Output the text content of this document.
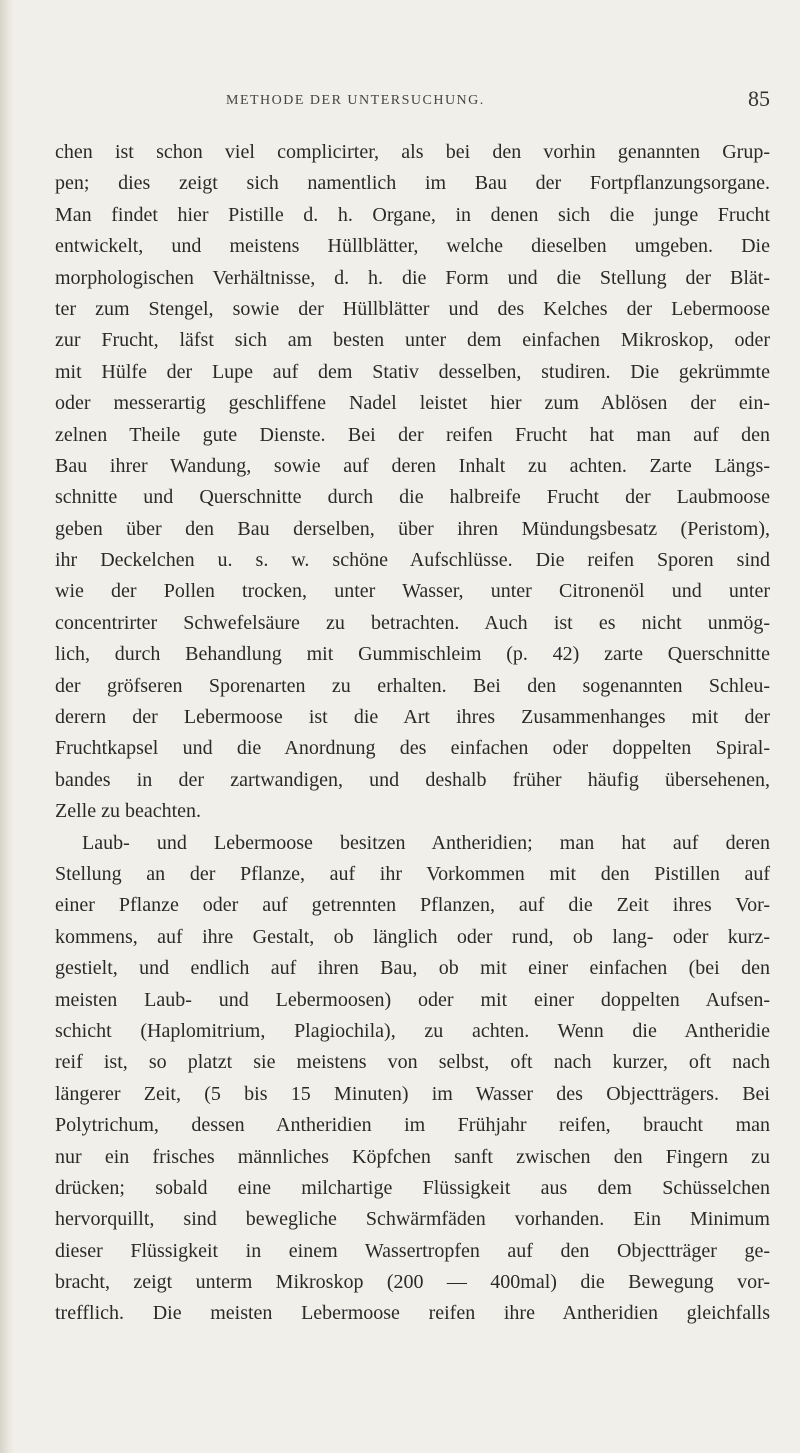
METHODE DER UNTERSUCHUNG.	85
chen ist schon viel complicirter, als bei den vorhin genannten Grup-
pen; dies zeigt sich namentlich im Bau der Fortpflanzungsorgane.
Man findet hier Pistille d. h. Organe, in denen sich die junge Frucht
entwickelt, und meistens Hüllblätter, welche dieselben umgeben. Die
morphologischen Verhältnisse, d. h. die Form und die Stellung der Blät-
ter zum Stengel, sowie der Hüllblätter und des Kelches der Lebermoose
zur Frucht, läfst sich am besten unter dem einfachen Mikroskop, oder
mit Hülfe der Lupe auf dem Stativ desselben, studiren. Die gekrümmte
oder messerartig geschliffene Nadel leistet hier zum Ablösen der ein-
zelnen Theile gute Dienste. Bei der reifen Frucht hat man auf den
Bau ihrer Wandung, sowie auf deren Inhalt zu achten. Zarte Längs-
schnitte und Querschnitte durch die halbreife Frucht der Laubmoose
geben über den Bau derselben, über ihren Mündungsbesatz (Peristom),
ihr Deckelchen u. s. w. schöne Aufschlüsse. Die reifen Sporen sind
wie der Pollen trocken, unter Wasser, unter Citronenöl und unter
concentrirter Schwefelsäure zu betrachten. Auch ist es nicht unmög-
lich, durch Behandlung mit Gummischleim (p. 42) zarte Querschnitte
der gröfseren Sporenarten zu erhalten. Bei den sogenannten Schleu-
derern der Lebermoose ist die Art ihres Zusammenhanges mit der
Fruchtkapsel und die Anordnung des einfachen oder doppelten Spiral-
bandes in der zartwandigen, und deshalb früher häufig übersehenen,
Zelle zu beachten.
Laub- und Lebermoose besitzen Antheridien; man hat auf deren
Stellung an der Pflanze, auf ihr Vorkommen mit den Pistillen auf
einer Pflanze oder auf getrennten Pflanzen, auf die Zeit ihres Vor-
kommens, auf ihre Gestalt, ob länglich oder rund, ob lang- oder kurz-
gestielt, und endlich auf ihren Bau, ob mit einer einfachen (bei den
meisten Laub- und Lebermoosen) oder mit einer doppelten Aufsen-
schicht (Haplomitrium, Plagiochila), zu achten. Wenn die Antheridie
reif ist, so platzt sie meistens von selbst, oft nach kurzer, oft nach
längerer Zeit, (5 bis 15 Minuten) im Wasser des Objectträgers. Bei
Polytrichum, dessen Antheridien im Frühjahr reifen, braucht man
nur ein frisches männliches Köpfchen sanft zwischen den Fingern zu
drücken; sobald eine milchartige Flüssigkeit aus dem Schüsselchen
hervorquillt, sind bewegliche Schwärmfäden vorhanden. Ein Minimum
dieser Flüssigkeit in einem Wassertropfen auf den Objectträger ge-
bracht, zeigt unterm Mikroskop (200 — 400mal) die Bewegung vor-
trefflich. Die meisten Lebermoose reifen ihre Antheridien gleichfalls
